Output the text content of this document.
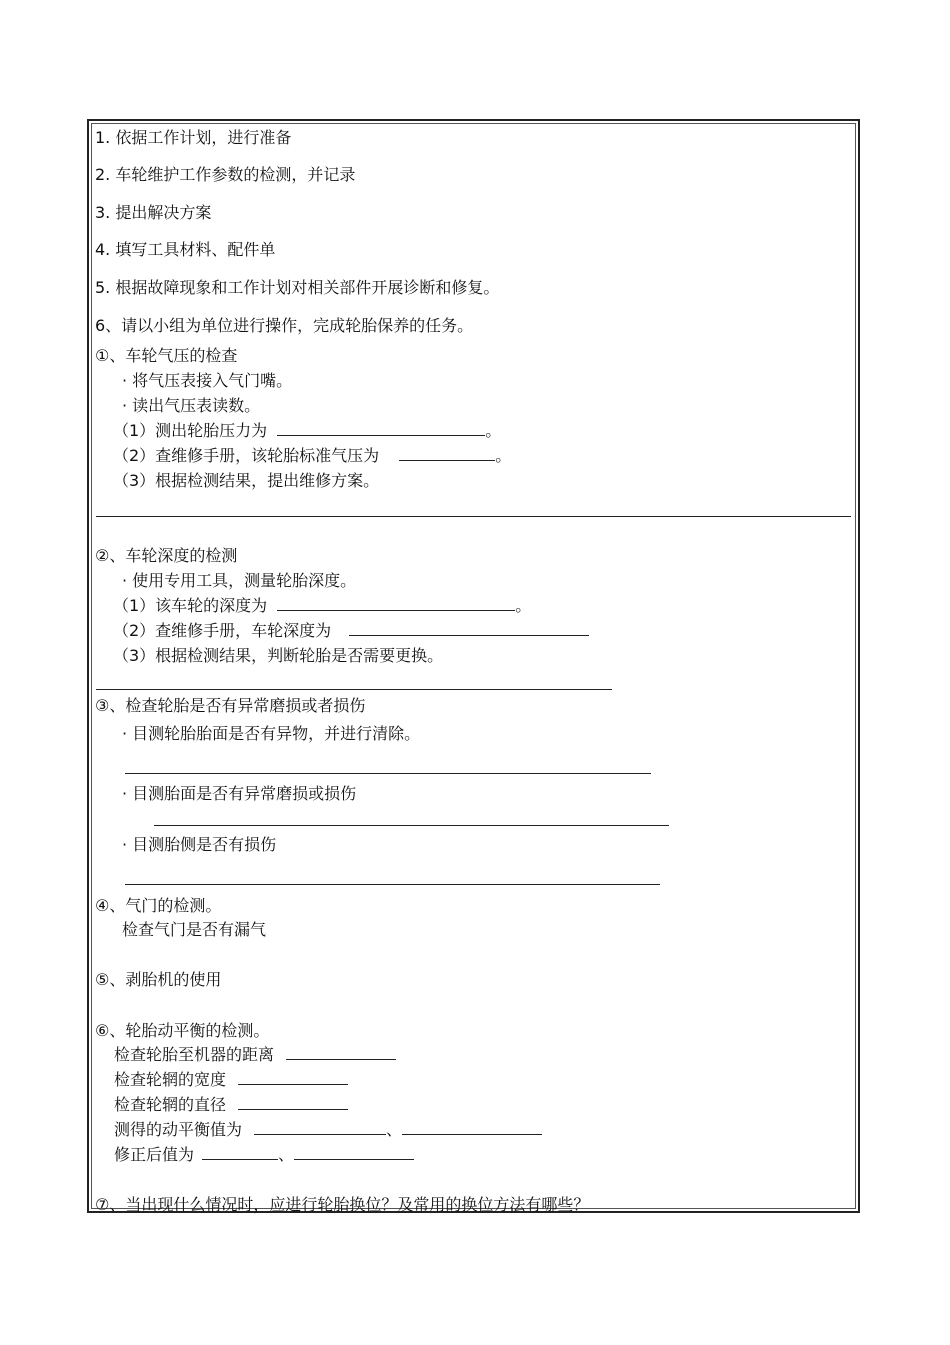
1. 依据工作计划，进行准备
2. 车轮维护工作参数的检测，并记录
3. 提出解决方案
4. 填写工具材料、配件单
5. 根据故障现象和工作计划对相关部件开展诊断和修复。
6、请以小组为单位进行操作，完成轮胎保养的任务。
①、车轮气压的检查
· 将气压表接入气门嘴。
· 读出气压表读数。
（1）测出轮胎压力为	。
（2）查维修手册，该轮胎标准气压为	。
（3）根据检测结果，提出维修方案。
②、车轮深度的检测
· 使用专用工具，测量轮胎深度。
（1）该车轮的深度为	。
（2）查维修手册，车轮深度为
（3）根据检测结果，判断轮胎是否需要更换。
③、检查轮胎是否有异常磨损或者损伤
· 目测轮胎胎面是否有异物，并进行清除。
· 目测胎面是否有异常磨损或损伤
· 目测胎侧是否有损伤
④、气门的检测。
检查气门是否有漏气
⑤、剥胎机的使用
⑥、轮胎动平衡的检测。
检查轮胎至机器的距离
检查轮辋的宽度
检查轮辋的直径
测得的动平衡值为	、
修正后值为	、
⑦、当出现什么情况时，应进行轮胎换位？及常用的换位方法有哪些？
